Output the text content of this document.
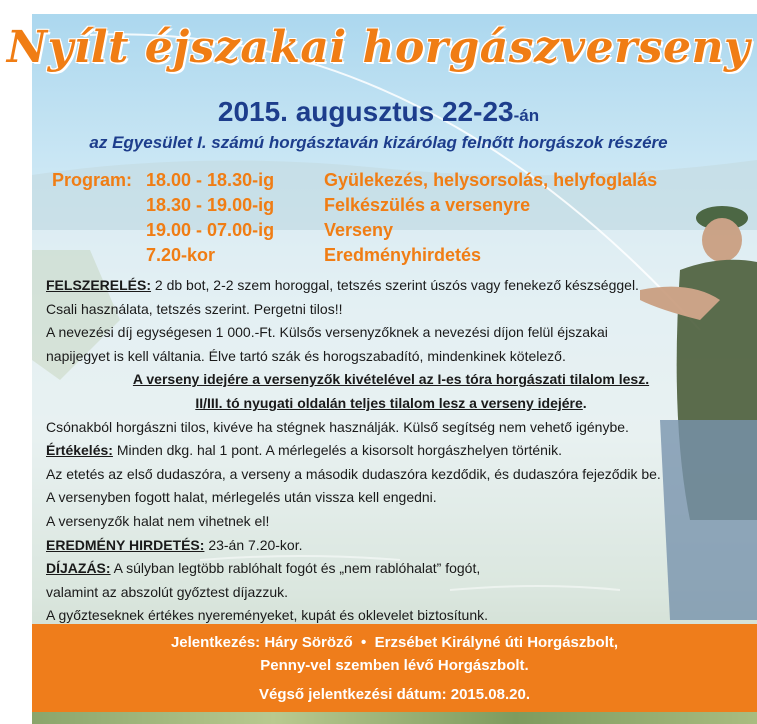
Nyílt éjszakai horgászverseny
2015. augusztus 22-23-án
az Egyesület I. számú horgásztaván kizárólag felnőtt horgászok részére
Program: 18.00 - 18.30-ig	Gyülekezés, helysorsolás, helyfoglalás
18.30 - 19.00-ig	Felkészülés a versenyre
19.00 - 07.00-ig	Verseny
7.20-kor	Eredményhirdetés
FELSZERELÉS: 2 db bot, 2-2 szem horoggal, tetszés szerint úszós vagy fenekező készséggel.
Csali használata, tetszés szerint. Pergetni tilos!!
A nevezési díj egységesen 1 000.-Ft. Külsős versenyzőknek a nevezési díjon felül éjszakai
napijegyet is kell váltania. Élve tartó szák és horogszabadító, mindenkinek kötelező.
A verseny idejére a versenyzők kivételével az I-es tóra horgászati tilalom lesz.
II/III. tó nyugati oldalán teljes tilalom lesz a verseny idejére.
Csónakból horgászni tilos, kivéve ha stégnek használják. Külső segítség nem vehető igénybe.
Értékelés: Minden dkg. hal 1 pont. A mérlegelés a kisorsolt horgászhelyen történik.
Az etetés az első dudaszóra, a verseny a második dudaszóra kezdődik, és dudaszóra fejeződik be.
A versenyben fogott halat, mérlegelés után vissza kell engedni.
A versenyzők halat nem vihetnek el!
EREDMÉNY HIRDETÉS: 23-án 7.20-kor.
DÍJAZÁS: A súlyban legtöbb rablóhalt fogót és „nem rablóhalat” fogót,
valamint az abszolút győztest díjazzuk.
A győzteseknek értékes nyereményeket, kupát és oklevelet biztosítunk.
Jelentkezés: Háry Söröző • Erzsébet Királyné úti Horgászbolt,
Penny-vel szemben lévő Horgászbolt.
Végső jelentkezési dátum: 2015.08.20.
